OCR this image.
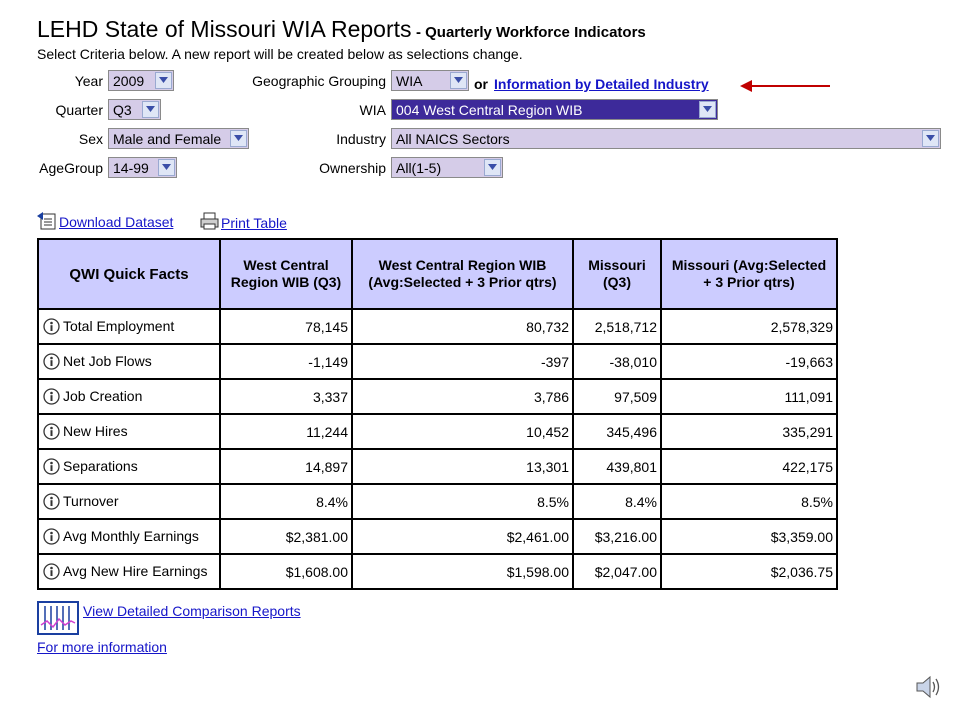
LEHD State of Missouri WIA Reports - Quarterly Workforce Indicators
Select Criteria below. A new report will be created below as selections change.
Year 2009
Quarter Q3
Sex Male and Female
AgeGroup 14-99
Geographic Grouping WIA	or Information by Detailed Industry
WIA 004 West Central Region WIB
Industry All NAICS Sectors
Ownership All(1-5)
Download Dataset	Print Table
QWI Quick Facts	West Central Region WIB (Q3)	West Central Region WIB (Avg:Selected + 3 Prior qtrs)	Missouri (Q3)	Missouri (Avg:Selected + 3 Prior qtrs)
Total Employment	78,145	80,732	2,518,712	2,578,329
Net Job Flows	-1,149	-397	-38,010	-19,663
Job Creation	3,337	3,786	97,509	111,091
New Hires	11,244	10,452	345,496	335,291
Separations	14,897	13,301	439,801	422,175
Turnover	8.4%	8.5%	8.4%	8.5%
Avg Monthly Earnings	$2,381.00	$2,461.00	$3,216.00	$3,359.00
Avg New Hire Earnings	$1,608.00	$1,598.00	$2,047.00	$2,036.75
View Detailed Comparison Reports
For more information
